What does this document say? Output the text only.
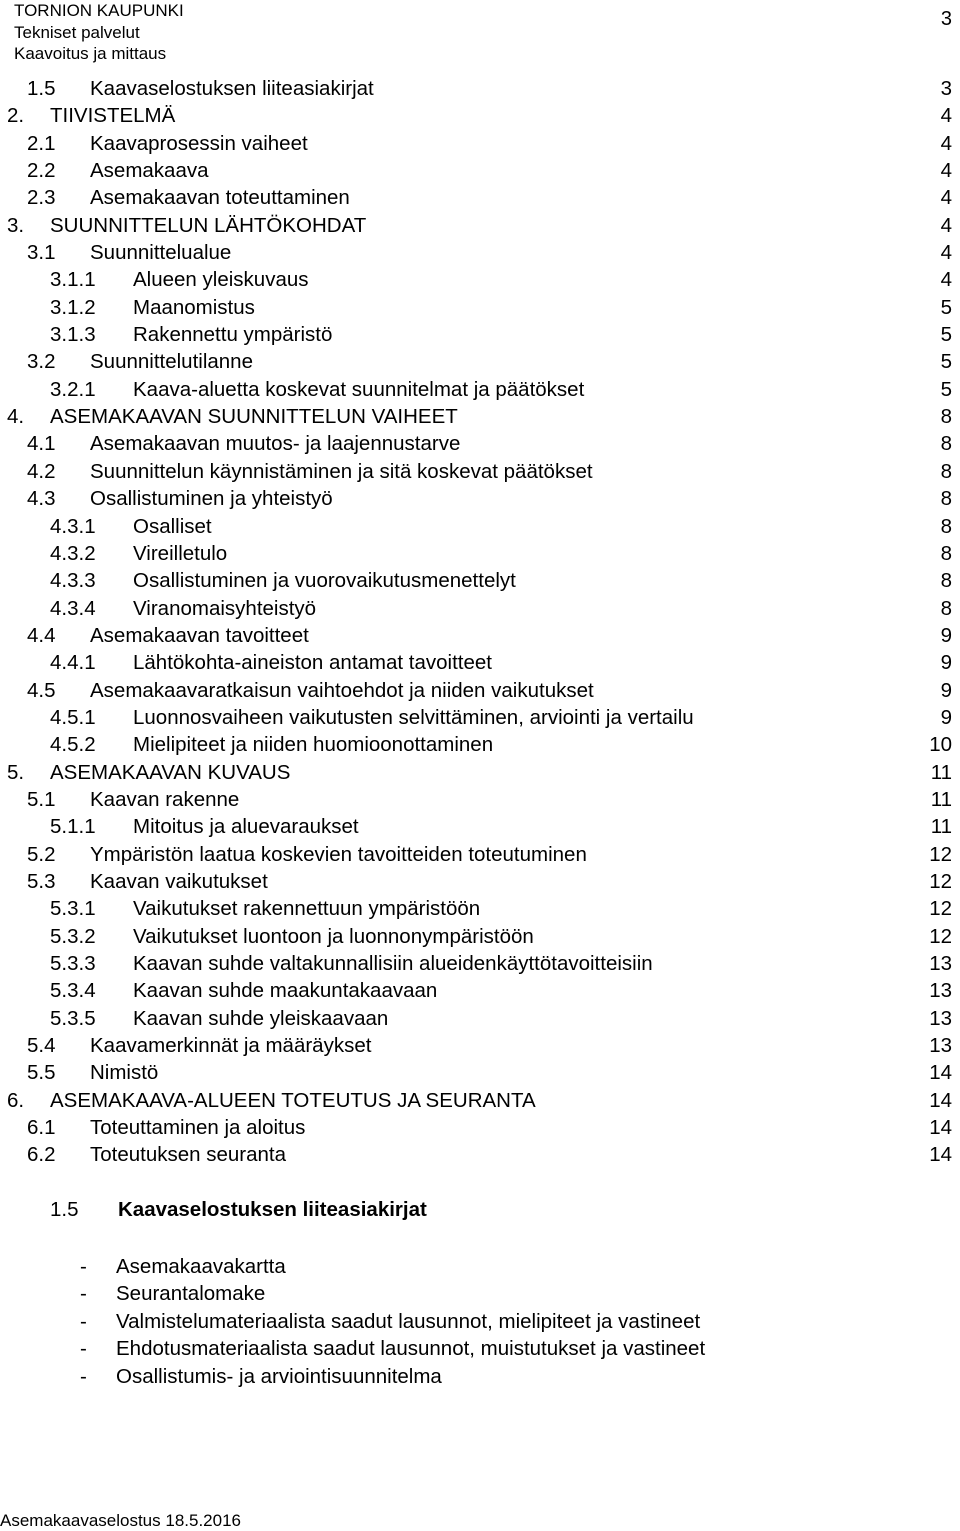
TORNION KAUPUNKI
Tekniset palvelut
Kaavoitus ja mittaus
3
1.5 Kaavaselostuksen liiteasiakirjat	3
2. TIIVISTELMÄ	4
2.1 Kaavaprosessin vaiheet	4
2.2 Asemakaava	4
2.3 Asemakaavan toteuttaminen	4
3. SUUNNITTELUN LÄHTÖKOHDAT	4
3.1 Suunnittelualue	4
3.1.1 Alueen yleiskuvaus	4
3.1.2 Maanomistus	5
3.1.3 Rakennettu ympäristö	5
3.2 Suunnittelutilanne	5
3.2.1 Kaava-aluetta koskevat suunnitelmat ja päätökset	5
4. ASEMAKAAVAN SUUNNITTELUN VAIHEET	8
4.1 Asemakaavan muutos- ja laajennustarve	8
4.2 Suunnittelun käynnistäminen ja sitä koskevat päätökset	8
4.3 Osallistuminen ja yhteistyö	8
4.3.1 Osalliset	8
4.3.2 Vireilletulo	8
4.3.3 Osallistuminen ja vuorovaikutusmenettelyt	8
4.3.4 Viranomaisyhteistyö	8
4.4 Asemakaavan tavoitteet	9
4.4.1 Lähtökohta-aineiston antamat tavoitteet	9
4.5 Asemakaavaratkaisun vaihtoehdot ja niiden vaikutukset	9
4.5.1 Luonnosvaiheen vaikutusten selvittäminen, arviointi ja vertailu	9
4.5.2 Mielipiteet ja niiden huomioonottaminen	10
5. ASEMAKAAVAN KUVAUS	11
5.1 Kaavan rakenne	11
5.1.1 Mitoitus ja aluevaraukset	11
5.2 Ympäristön laatua koskevien tavoitteiden toteutuminen	12
5.3 Kaavan vaikutukset	12
5.3.1 Vaikutukset rakennettuun ympäristöön	12
5.3.2 Vaikutukset luontoon ja luonnonympäristöön	12
5.3.3 Kaavan suhde valtakunnallisiin alueidenkäyttötavoitteisiin	13
5.3.4 Kaavan suhde maakuntakaavaan	13
5.3.5 Kaavan suhde yleiskaavaan	13
5.4 Kaavamerkinnät ja määräykset	13
5.5 Nimistö	14
6. ASEMAKAAVA-ALUEEN TOTEUTUS JA SEURANTA	14
6.1 Toteuttaminen ja aloitus	14
6.2 Toteutuksen seuranta	14
1.5 Kaavaselostuksen liiteasiakirjat
- Asemakaavakartta
- Seurantalomake
- Valmistelumateriaalista saadut lausunnot, mielipiteet ja vastineet
- Ehdotusmateriaalista saadut lausunnot, muistutukset ja vastineet
- Osallistumis- ja arviointisuunnitelma
Asemakaavaselostus 18.5.2016
